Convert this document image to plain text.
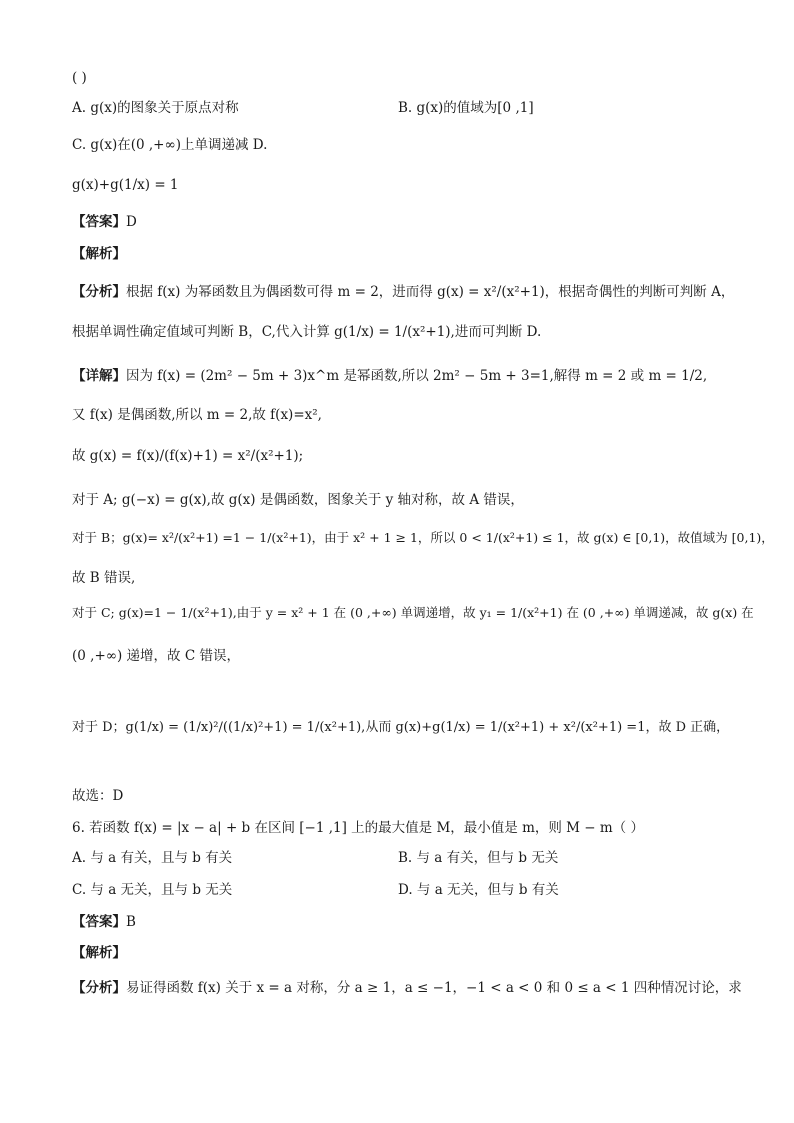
( )
A. g(x)的图象关于原点对称	B. g(x)的值域为[0 ,1]
C. g(x)在(0 ,+∞)上单调递减 D.
g(x)+g(1/x) = 1
【答案】D
【解析】
【分析】根据 f(x) 为幂函数且为偶函数可得 m = 2，进而得 g(x) = x²/(x²+1)，根据奇偶性的判断可判断 A，
根据单调性确定值域可判断 B，C,代入计算 g(1/x) = 1/(x²+1),进而可判断 D.
【详解】因为 f(x) = (2m² − 5m + 3)x^m 是幂函数,所以 2m² − 5m + 3=1,解得 m = 2 或 m = 1/2,
又 f(x) 是偶函数,所以 m = 2,故 f(x)=x²,
故 g(x) = f(x)/(f(x)+1) = x²/(x²+1);
对于 A; g(−x) = g(x),故 g(x) 是偶函数，图象关于 y 轴对称，故 A 错误，
对于 B；g(x)= x²/(x²+1) =1 − 1/(x²+1)，由于 x² + 1 ≥ 1，所以 0 < 1/(x²+1) ≤ 1，故 g(x) ∈ [0,1)，故值域为 [0,1)，
故 B 错误,
对于 C; g(x)=1 − 1/(x²+1),由于 y = x² + 1 在 (0 ,+∞) 单调递增，故 y₁ = 1/(x²+1) 在 (0 ,+∞) 单调递减，故 g(x) 在
(0 ,+∞) 递增，故 C 错误，
对于 D；g(1/x) = (1/x)²/((1/x)²+1) = 1/(x²+1),从而 g(x)+g(1/x) = 1/(x²+1) + x²/(x²+1) =1，故 D 正确，
故选：D
6. 若函数 f(x) = |x − a| + b 在区间 [−1 ,1] 上的最大值是 M，最小值是 m，则 M − m（ ）
A. 与 a 有关，且与 b 有关	B. 与 a 有关，但与 b 无关
C. 与 a 无关，且与 b 无关	D. 与 a 无关，但与 b 有关
【答案】B
【解析】
【分析】易证得函数 f(x) 关于 x = a 对称，分 a ≥ 1，a ≤ −1，−1 < a < 0 和 0 ≤ a < 1 四种情况讨论，求
